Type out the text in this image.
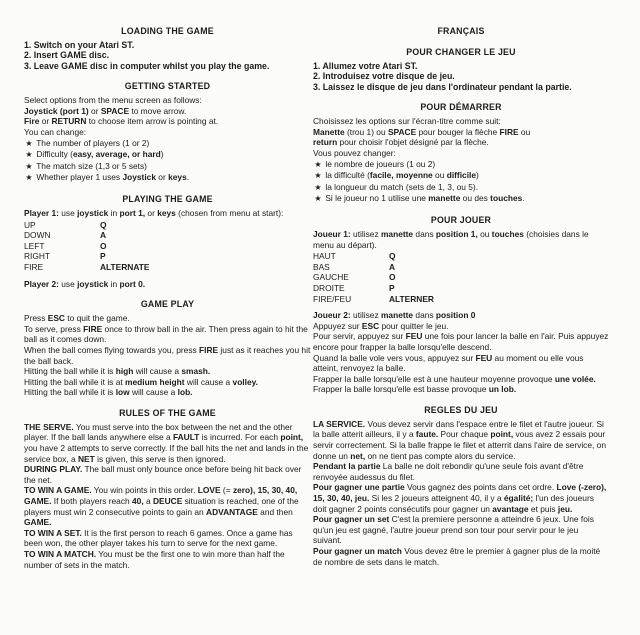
LOADING THE GAME

1. Switch on your Atari ST.

2. Insert GAME disc.

3. Leave GAME disc in computer whilst you play the game.

GETTING STARTED

Select options from the menu screen as follows:

Joystick (port 1) or SPACE to move arrow.

Fire or RETURN to choose item arrow is pointing at.

You can change:

★ The number of players (1 or 2)

★ Difficulty (easy, average, or hard)

★ The match size (1,3 or 5 sets)

★ Whether player 1 uses Joystick or keys.

PLAYING THE GAME

Player 1: use joystick in port 1, or keys (chosen from menu at start):

UP	Q
DOWN	A
LEFT	O
RIGHT	P
FIRE	ALTERNATE

Player 2: use joystick in port 0.

GAME PLAY

Press ESC to quit the game.

To serve, press FIRE once to throw ball in the air. Then press again to hit the ball as it comes down.

When the ball comes flying towards you, press FIRE just as it reaches you hit the ball back.

Hitting the ball while it is high will cause a smash.

Hitting the ball while it is at medium height will cause a volley.

Hitting the ball while it is low will cause a lob.

RULES OF THE GAME

THE SERVE. You must serve into the box between the net and the other player. If the ball lands anywhere else a FAULT is incurred. For each point, you have 2 attempts to serve correctly. If the ball hits the net and lands in the service box, a NET is given, this serve is then ignored.

DURING PLAY. The ball must only bounce once before being hit back over the net.

TO WIN A GAME. You win points in this order. LOVE (= zero), 15, 30, 40, GAME. If both players reach 40, a DEUCE situation is reached, one of the players must win 2 consecutive points to gain an ADVANTAGE and then GAME.

TO WIN A SET. It is the first person to reach 6 games. Once a game has been won, the other player takes his turn to serve for the next game.

TO WIN A MATCH. You must be the first one to win more than half the number of sets in the match.

FRANÇAIS
POUR CHANGER LE JEU

1. Allumez votre Atari ST.

2. Introduisez votre disque de jeu.

3. Laissez le disque de jeu dans l'ordinateur pendant la partie.

POUR DÉMARRER

Choisissez les options sur l'écran-titre comme suit:

Manette (trou 1) ou SPACE pour bouger la flèche FIRE ou

return pour choisir l'objet désigné par la flèche.

Vous pouvez changer:

★ le nombre de joueurs (1 ou 2)

★ la difficulté (facile, moyenne ou difficile)

★ la longueur du match (sets de 1, 3, ou 5).

★ Si le joueur no 1 utilise une manette ou des touches.

POUR JOUER

Joueur 1: utilisez manette dans position 1, ou touches (choisies dans le menu au départ).

HAUT	Q
BAS	A
GAUCHE	O
DROITE	P
FIRE/FEU	ALTERNER

Joueur 2: utilisez manette dans position 0

Appuyez sur ESC pour quitter le jeu.

Pour servir, appuyez sur FEU une fois pour lancer la balle en l'air. Puis appuyez encore pour frapper la balle lorsqu'elle descend.

Quand la balle vole vers vous, appuyez sur FEU au moment ou elle vous atteint, renvoyez la balle.

Frapper la balle lorsqu'elle est à une hauteur moyenne provoque une volée.

Frapper la balle lorsqu'elle est basse provoque un lob.

REGLES DU JEU

LA SERVICE. Vous devez servir dans l'espace entre le filet et l'autre joueur. Si la balle atterit ailleurs, il y a faute. Pour chaque point, vous avez 2 essais pour servir correctement. Si la balle frappe le filet et atterrit dans l'aire de service, on donne un net, on ne tient pas compte alors du service.

Pendant la partie La balle ne doit rebondir qu'une seule fois avant d'être renvoyée audessus du filet.

Pour gagner une partie Vous gagnez des points dans cet ordre. Love (-zero), 15, 30, 40, jeu. Si les 2 joueurs atteignent 40, il y a égalité; l'un des joueurs doit gagner 2 points consécutifs pour gagner un avantage et puis jeu.

Pour gagner un set C'est la premiere personne a atteindre 6 jeux. Une fois qu'un jeu est gagné, l'autre joueur prend son tour pour servir pour le jeu suivant.

Pour gagner un match Vous devez être le premier à gagner plus de la moité de nombre de sets dans le match.
